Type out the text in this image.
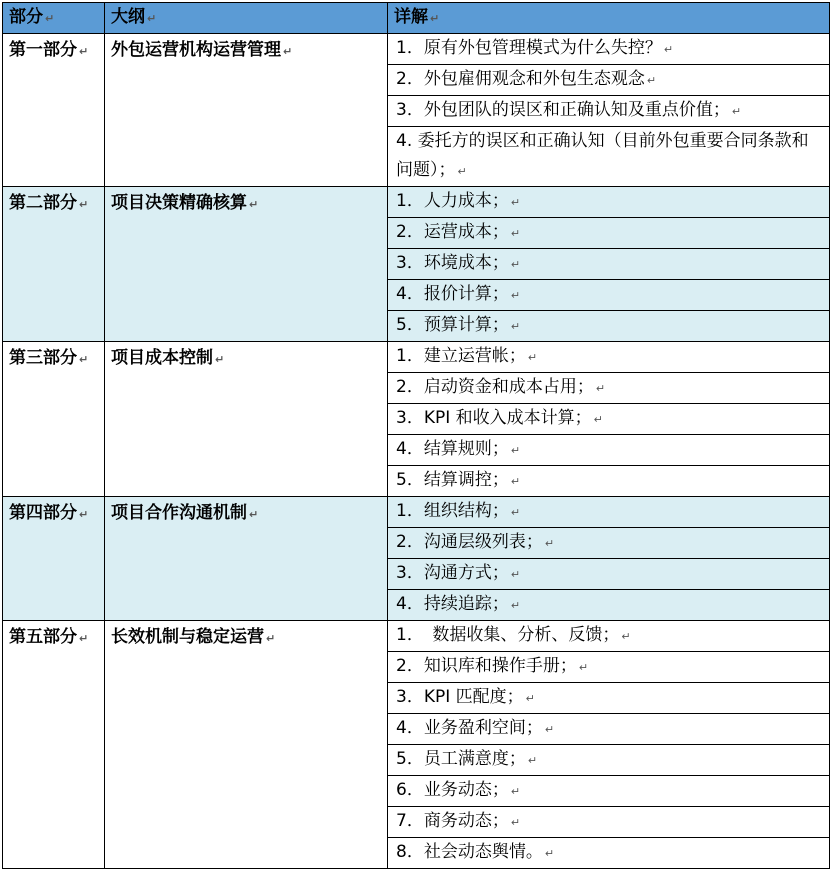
部分 ↵	大纲 ↵	详解 ↵
第一部分 ↵	外包运营机构运营管理 ↵	1．原有外包管理模式为什么失控？ ↵
		2．外包雇佣观念和外包生态观念 ↵
		3．外包团队的误区和正确认知及重点价值； ↵
		4. 委托方的误区和正确认知（目前外包重要合同条款和问题）； ↵
第二部分 ↵	项目决策精确核算 ↵	1．人力成本； ↵
		2．运营成本； ↵
		3．环境成本； ↵
		4．报价计算； ↵
		5．预算计算； ↵
第三部分 ↵	项目成本控制 ↵	1．建立运营帐； ↵
		2．启动资金和成本占用； ↵
		3．KPI 和收入成本计算； ↵
		4．结算规则； ↵
		5．结算调控； ↵
第四部分 ↵	项目合作沟通机制 ↵	1．组织结构； ↵
		2．沟通层级列表； ↵
		3．沟通方式； ↵
		4．持续追踪； ↵
第五部分 ↵	长效机制与稳定运营 ↵	1．　数据收集、分析、反馈； ↵
		2．知识库和操作手册； ↵
		3．KPI 匹配度； ↵
		4．业务盈利空间； ↵
		5．员工满意度； ↵
		6．业务动态； ↵
		7．商务动态； ↵
		8．社会动态舆情。 ↵
